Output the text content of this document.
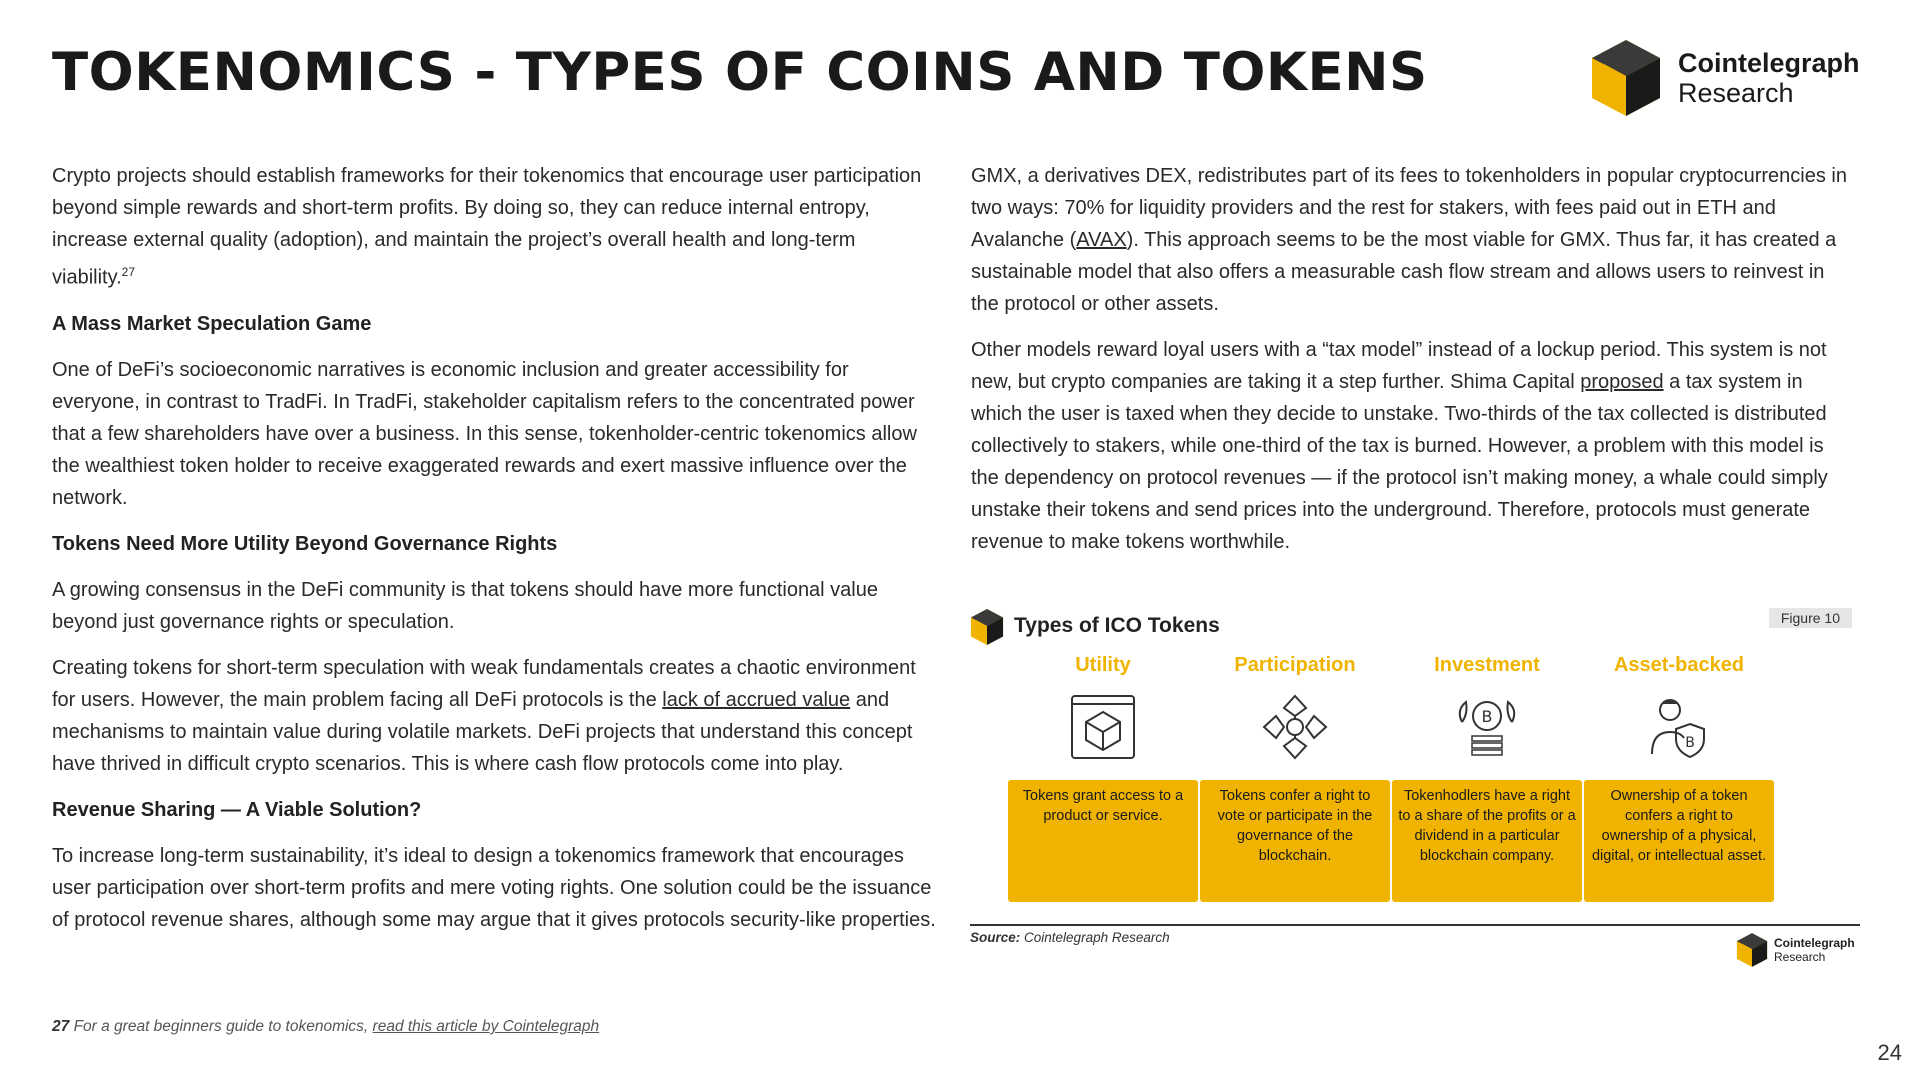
TOKENOMICS - TYPES OF COINS AND TOKENS	Cointelegraph
Research

Crypto projects should establish frameworks for their tokenomics that encourage user participation beyond simple rewards and short-term profits. By doing so, they can reduce internal entropy, increase external quality (adoption), and maintain the project’s overall health and long-term viability.$^{27}$

A Mass Market Speculation Game

One of DeFi’s socioeconomic narratives is economic inclusion and greater accessibility for everyone, in contrast to TradFi. In TradFi, stakeholder capitalism refers to the concentrated power that a few shareholders have over a business. In this sense, tokenholder-centric tokenomics allow the wealthiest token holder to receive exaggerated rewards and exert massive influence over the network.

Tokens Need More Utility Beyond Governance Rights

A growing consensus in the DeFi community is that tokens should have more functional value beyond just governance rights or speculation.

Creating tokens for short-term speculation with weak fundamentals creates a chaotic environment for users. However, the main problem facing all DeFi protocols is the lack of accrued value and mechanisms to maintain value during volatile markets. DeFi projects that understand this concept have thrived in difficult crypto scenarios. This is where cash flow protocols come into play.

Revenue Sharing — A Viable Solution?

To increase long-term sustainability, it’s ideal to design a tokenomics framework that encourages user participation over short-term profits and mere voting rights. One solution could be the issuance of protocol revenue shares, although some may argue that it gives protocols security-like properties.

GMX, a derivatives DEX, redistributes part of its fees to tokenholders in popular cryptocurrencies in two ways: 70% for liquidity providers and the rest for stakers, with fees paid out in ETH and Avalanche (AVAX). This approach seems to be the most viable for GMX. Thus far, it has created a sustainable model that also offers a measurable cash flow stream and allows users to reinvest in the protocol or other assets.

Other models reward loyal users with a “tax model” instead of a lockup period. This system is not new, but crypto companies are taking it a step further. Shima Capital proposed a tax system in which the user is taxed when they decide to unstake. Two-thirds of the tax collected is distributed collectively to stakers, while one-third of the tax is burned. However, a problem with this model is the dependency on protocol revenues — if the protocol isn’t making money, a whale could simply unstake their tokens and send prices into the underground. Therefore, protocols must generate revenue to make tokens worthwhile.

Types of ICO Tokens	Figure 10
Utility
Tokens grant access to a product or service.
Participation
Tokens confer a right to vote or participate in the governance of the blockchain.
Investment
B
Tokenhodlers have a right to a share of the profits or a dividend in a particular blockchain company.
Asset-backed
B
Ownership of a token confers a right to ownership of a physical, digital, or intellectual asset.
Source: Cointelegraph Research	Cointelegraph
Research
27 For a great beginners guide to tokenomics, read this article by Cointelegraph
24
